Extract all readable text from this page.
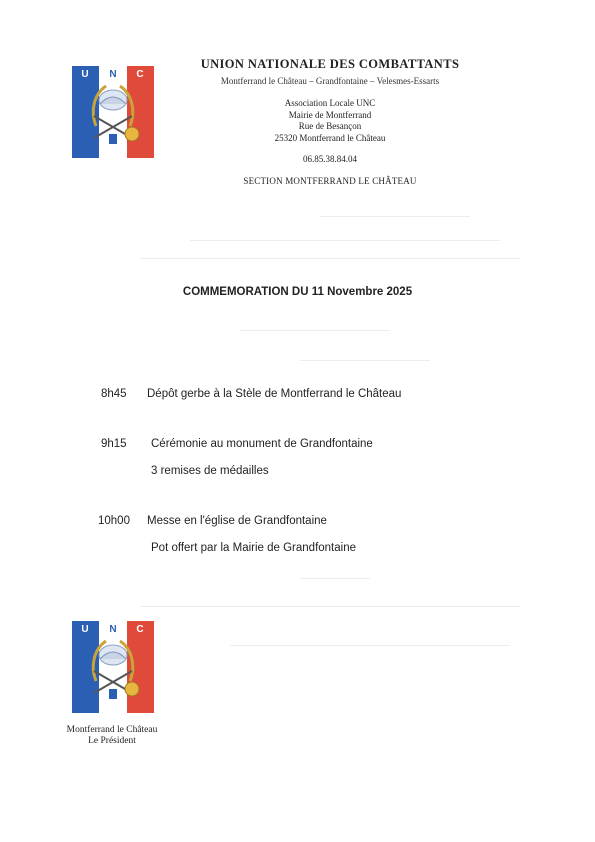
U N C
Y
UNION NATIONALE DES COMBATTANTS
Montferrand le Château – Grandfontaine – Velesmes-Essarts
Association Locale UNC
Mairie de Montferrand
Rue de Besançon
25320 Montferrand le Château
06.85.38.84.04
SECTION MONTFERRAND LE CHÂTEAU
COMMEMORATION DU 11 Novembre 2025
8h45 Dépôt gerbe à la Stèle de Montferrand le Château
9h15 Cérémonie au monument de Grandfontaine
3 remises de médailles
10h00 Messe en l'église de Grandfontaine
Pot offert par la Mairie de Grandfontaine
U N C
Y
Montferrand le Château
Le Président
